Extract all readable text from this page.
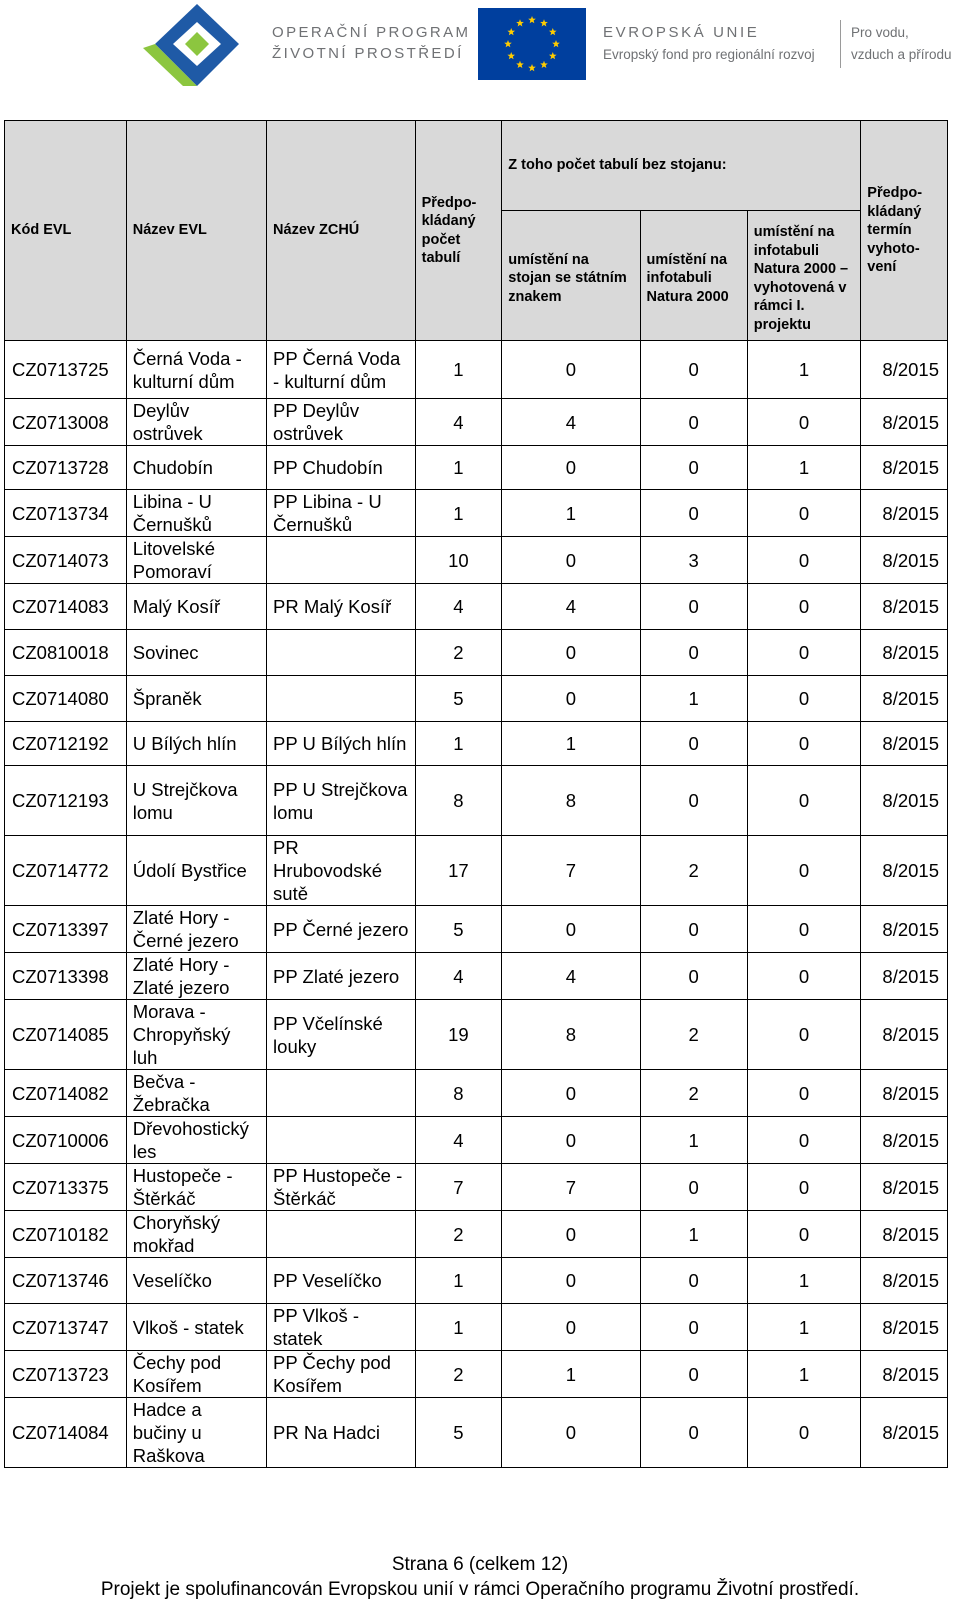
OPERAČNÍ PROGRAM
ŽIVOTNÍ PROSTŘEDÍ
EVROPSKÁ UNIE
Evropský fond pro regionální rozvoj
Pro vodu,
vzduch a přírodu
Kód EVL	Název EVL	Název ZCHÚ	Předpo-kládaný počet tabulí	Z toho počet tabulí bez stojanu:			Předpo-kládaný termín vyhoto-vení
				umístění na stojan se státním znakem	umístění na infotabuli Natura 2000	umístění na infotabuli Natura 2000 – vyhotovená v rámci I. projektu	
CZ0713725	Černá Voda - kulturní dům	PP Černá Voda - kulturní dům	1	0	0	1	8/2015
CZ0713008	Deylův ostrůvek	PP Deylův ostrůvek	4	4	0	0	8/2015
CZ0713728	Chudobín	PP Chudobín	1	0	0	1	8/2015
CZ0713734	Libina - U Černušků	PP Libina - U Černušků	1	1	0	0	8/2015
CZ0714073	Litovelské Pomoraví		10	0	3	0	8/2015
CZ0714083	Malý Kosíř	PR Malý Kosíř	4	4	0	0	8/2015
CZ0810018	Sovinec		2	0	0	0	8/2015
CZ0714080	Špraněk		5	0	1	0	8/2015
CZ0712192	U Bílých hlín	PP U Bílých hlín	1	1	0	0	8/2015
CZ0712193	U Strejčkova lomu	PP U Strejčkova lomu	8	8	0	0	8/2015
CZ0714772	Údolí Bystřice	PR Hrubovodské sutě	17	7	2	0	8/2015
CZ0713397	Zlaté Hory - Černé jezero	PP Černé jezero	5	0	0	0	8/2015
CZ0713398	Zlaté Hory - Zlaté jezero	PP Zlaté jezero	4	4	0	0	8/2015
CZ0714085	Morava - Chropyňský luh	PP Včelínské louky	19	8	2	0	8/2015
CZ0714082	Bečva - Žebračka		8	0	2	0	8/2015
CZ0710006	Dřevohostický les		4	0	1	0	8/2015
CZ0713375	Hustopeče - Štěrkáč	PP Hustopeče - Štěrkáč	7	7	0	0	8/2015
CZ0710182	Choryňský mokřad		2	0	1	0	8/2015
CZ0713746	Veselíčko	PP Veselíčko	1	0	0	1	8/2015
CZ0713747	Vlkoš - statek	PP Vlkoš - statek	1	0	0	1	8/2015
CZ0713723	Čechy pod Kosířem	PP Čechy pod Kosířem	2	1	0	1	8/2015
CZ0714084	Hadce a bučiny u Raškova	PR Na Hadci	5	0	0	0	8/2015
Strana 6 (celkem 12)
Projekt je spolufinancován Evropskou unií v rámci Operačního programu Životní prostředí.
